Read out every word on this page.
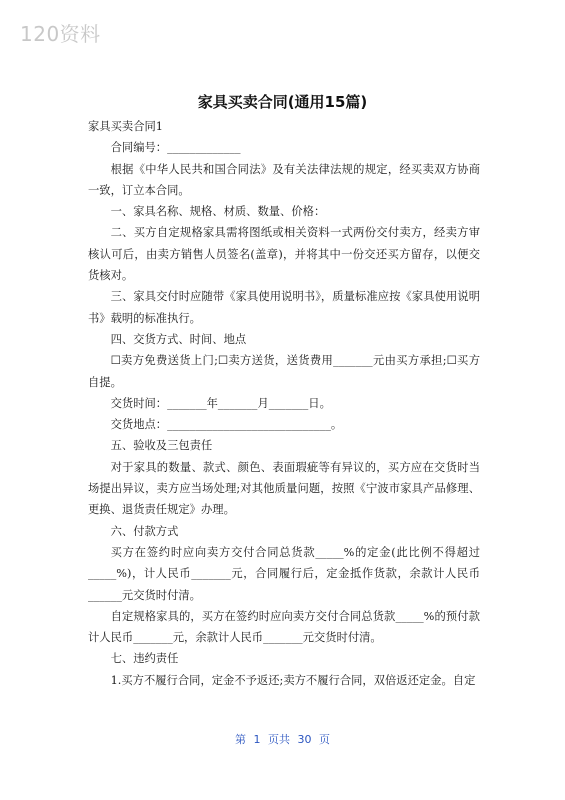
120资料
家具买卖合同(通用15篇)

家具买卖合同1

合同编号：_____________

根据《中华人民共和国合同法》及有关法律法规的规定，经买卖双方协商一致，订立本合同。

一、家具名称、规格、材质、数量、价格：

二、买方自定规格家具需将图纸或相关资料一式两份交付卖方，经卖方审核认可后，由卖方销售人员签名(盖章)，并将其中一份交还买方留存，以便交货核对。

三、家具交付时应随带《家具使用说明书》，质量标准应按《家具使用说明书》载明的标准执行。

四、交货方式、时间、地点

☐卖方免费送货上门;☐卖方送货，送货费用_______元由买方承担;☐买方自提。

交货时间：_______年_______月_______日。

交货地点：_____________________________。

五、验收及三包责任

对于家具的数量、款式、颜色、表面瑕疵等有异议的，买方应在交货时当场提出异议，卖方应当场处理;对其他质量问题，按照《宁波市家具产品修理、更换、退货责任规定》办理。

六、付款方式

买方在签约时应向卖方交付合同总货款_____%的定金(此比例不得超过_____%)，计人民币_______元，合同履行后，定金抵作货款，余款计人民币______元交货时付清。

自定规格家具的，买方在签约时应向卖方交付合同总货款_____%的预付款计人民币_______元，余款计人民币_______元交货时付清。

七、违约责任

1.买方不履行合同，定金不予返还;卖方不履行合同，双倍返还定金。自定

第 1 页共 30 页
